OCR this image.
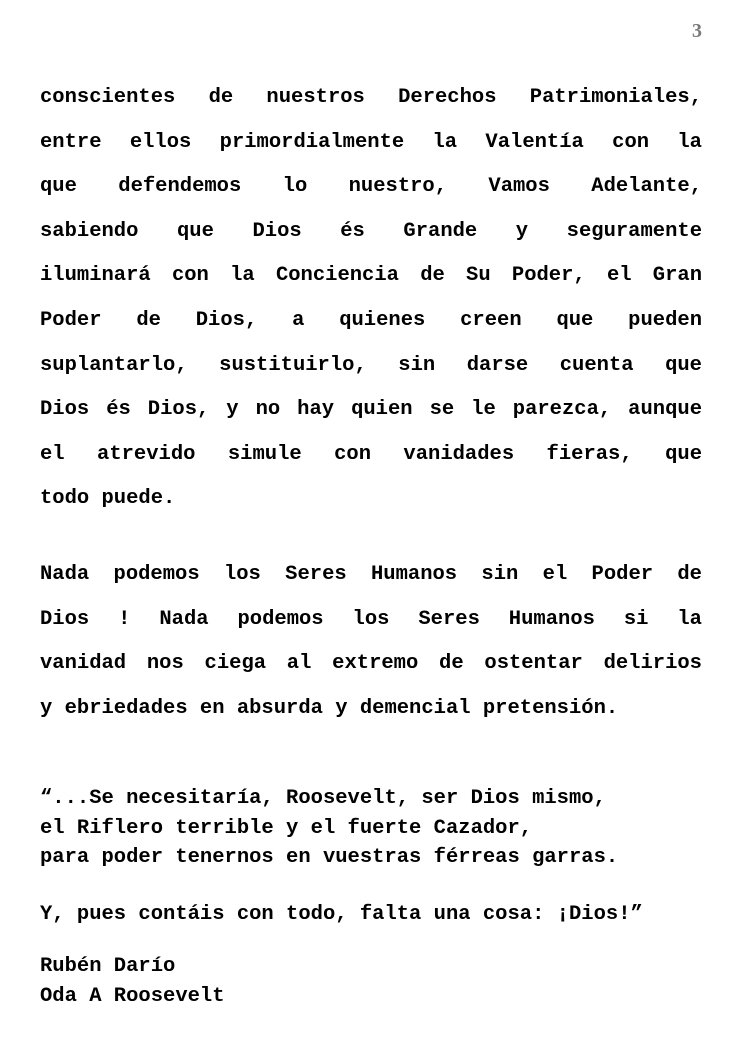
3
conscientes de nuestros Derechos Patrimoniales,
entre ellos primordialmente la Valentía con la
que defendemos lo nuestro, Vamos Adelante,
sabiendo que Dios és Grande y seguramente
iluminará con la Conciencia de Su Poder, el Gran
Poder de Dios, a quienes creen que pueden
suplantarlo, sustituirlo, sin darse cuenta que
Dios és Dios, y no hay quien se le parezca, aunque
el atrevido simule con vanidades fieras, que
todo puede.
Nada podemos los Seres Humanos sin el Poder de
Dios ! Nada podemos los Seres Humanos si la
vanidad nos ciega al extremo de ostentar delirios
y ebriedades en absurda y demencial pretensión.
“...Se necesitaría, Roosevelt, ser Dios mismo,
el Riflero terrible y el fuerte Cazador,
para poder tenernos en vuestras férreas garras.
Y, pues contáis con todo, falta una cosa: ¡Dios!”
Rubén Darío
Oda A Roosevelt
